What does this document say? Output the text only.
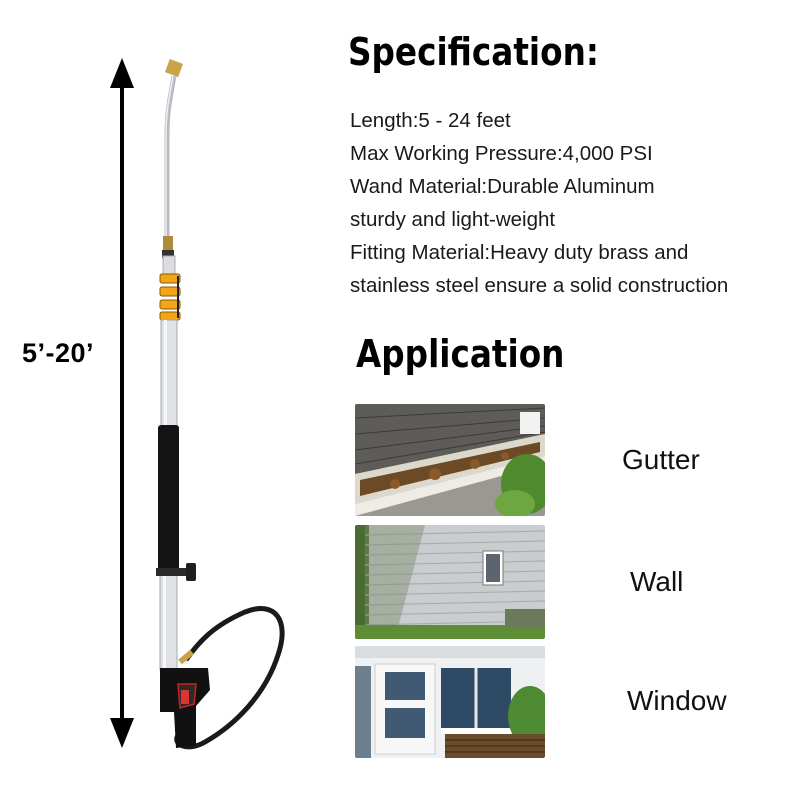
5’-20’
Specification:
Length:5 - 24 feet
Max Working Pressure:4,000 PSI
Wand Material:Durable Aluminum
sturdy and light-weight
Fitting Material:Heavy duty brass and
stainless steel ensure a solid construction
Application
Gutter
Wall
Window
